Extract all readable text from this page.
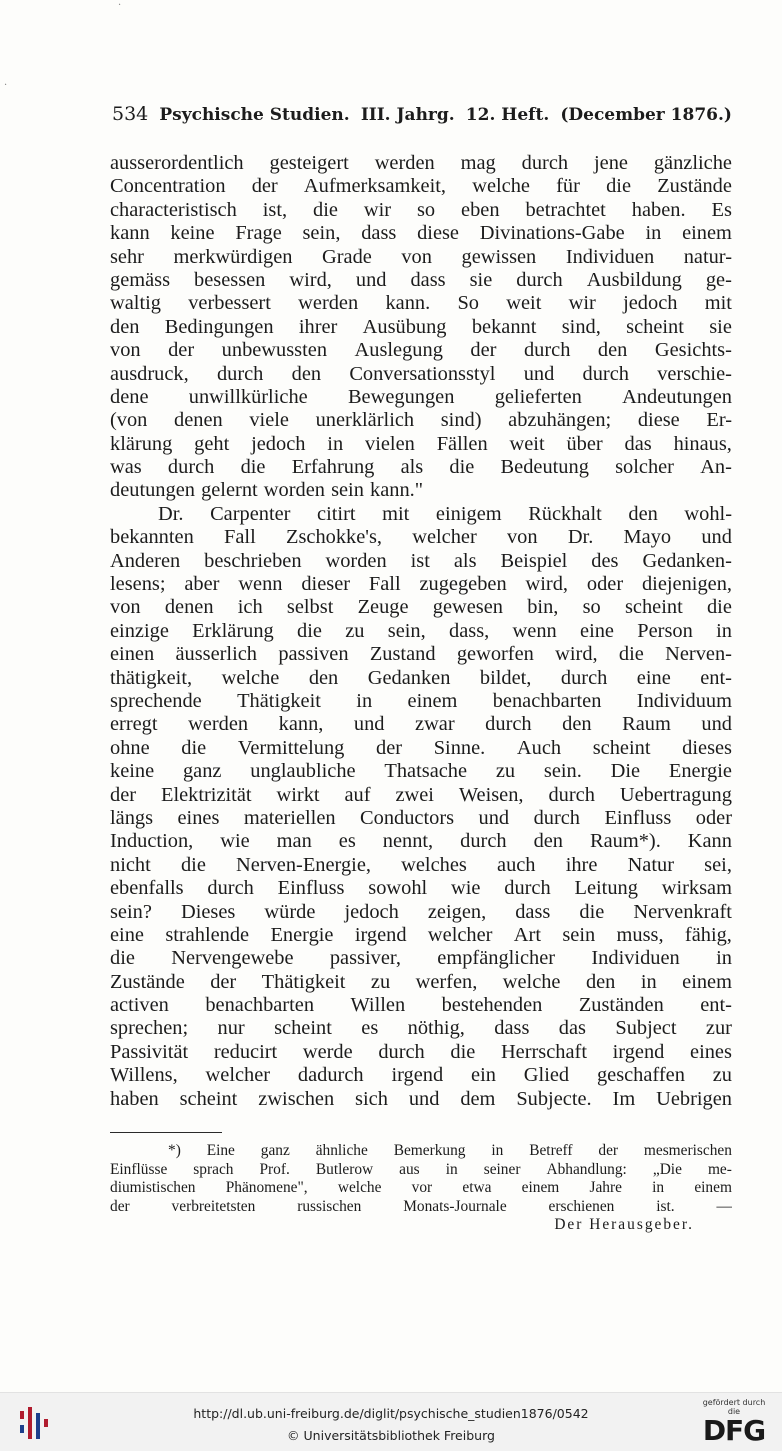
·
·
534 Psychische Studien. III. Jahrg. 12. Heft. (December 1876.)
ausserordentlich gesteigert werden mag durch jene gänzliche
Concentration der Aufmerksamkeit, welche für die Zustände
characteristisch ist, die wir so eben betrachtet haben. Es
kann keine Frage sein, dass diese Divinations-Gabe in einem
sehr merkwürdigen Grade von gewissen Individuen natur-
gemäss besessen wird, und dass sie durch Ausbildung ge-
waltig verbessert werden kann. So weit wir jedoch mit
den Bedingungen ihrer Ausübung bekannt sind, scheint sie
von der unbewussten Auslegung der durch den Gesichts-
ausdruck, durch den Conversationsstyl und durch verschie-
dene unwillkürliche Bewegungen gelieferten Andeutungen
(von denen viele unerklärlich sind) abzuhängen; diese Er-
klärung geht jedoch in vielen Fällen weit über das hinaus,
was durch die Erfahrung als die Bedeutung solcher An-
deutungen gelernt worden sein kann."
Dr. Carpenter citirt mit einigem Rückhalt den wohl-
bekannten Fall Zschokke's, welcher von Dr. Mayo und
Anderen beschrieben worden ist als Beispiel des Gedanken-
lesens; aber wenn dieser Fall zugegeben wird, oder diejenigen,
von denen ich selbst Zeuge gewesen bin, so scheint die
einzige Erklärung die zu sein, dass, wenn eine Person in
einen äusserlich passiven Zustand geworfen wird, die Nerven-
thätigkeit, welche den Gedanken bildet, durch eine ent-
sprechende Thätigkeit in einem benachbarten Individuum
erregt werden kann, und zwar durch den Raum und
ohne die Vermittelung der Sinne. Auch scheint dieses
keine ganz unglaubliche Thatsache zu sein. Die Energie
der Elektrizität wirkt auf zwei Weisen, durch Uebertragung
längs eines materiellen Conductors und durch Einfluss oder
Induction, wie man es nennt, durch den Raum*). Kann
nicht die Nerven-Energie, welches auch ihre Natur sei,
ebenfalls durch Einfluss sowohl wie durch Leitung wirksam
sein? Dieses würde jedoch zeigen, dass die Nervenkraft
eine strahlende Energie irgend welcher Art sein muss, fähig,
die Nervengewebe passiver, empfänglicher Individuen in
Zustände der Thätigkeit zu werfen, welche den in einem
activen benachbarten Willen bestehenden Zuständen ent-
sprechen; nur scheint es nöthig, dass das Subject zur
Passivität reducirt werde durch die Herrschaft irgend eines
Willens, welcher dadurch irgend ein Glied geschaffen zu
haben scheint zwischen sich und dem Subjecte. Im Uebrigen
*) Eine ganz ähnliche Bemerkung in Betreff der mesmerischen
Einflüsse sprach Prof. Butlerow aus in seiner Abhandlung: „Die me-
diumistischen Phänomene", welche vor etwa einem Jahre in einem
der	verbreitetsten	russischen	Monats-Journale	erschienen	ist.	—
Der Herausgeber.
http://dl.ub.uni-freiburg.de/diglit/psychische_studien1876/0542
© Universitätsbibliothek Freiburg
gefördert durch die
DFG
